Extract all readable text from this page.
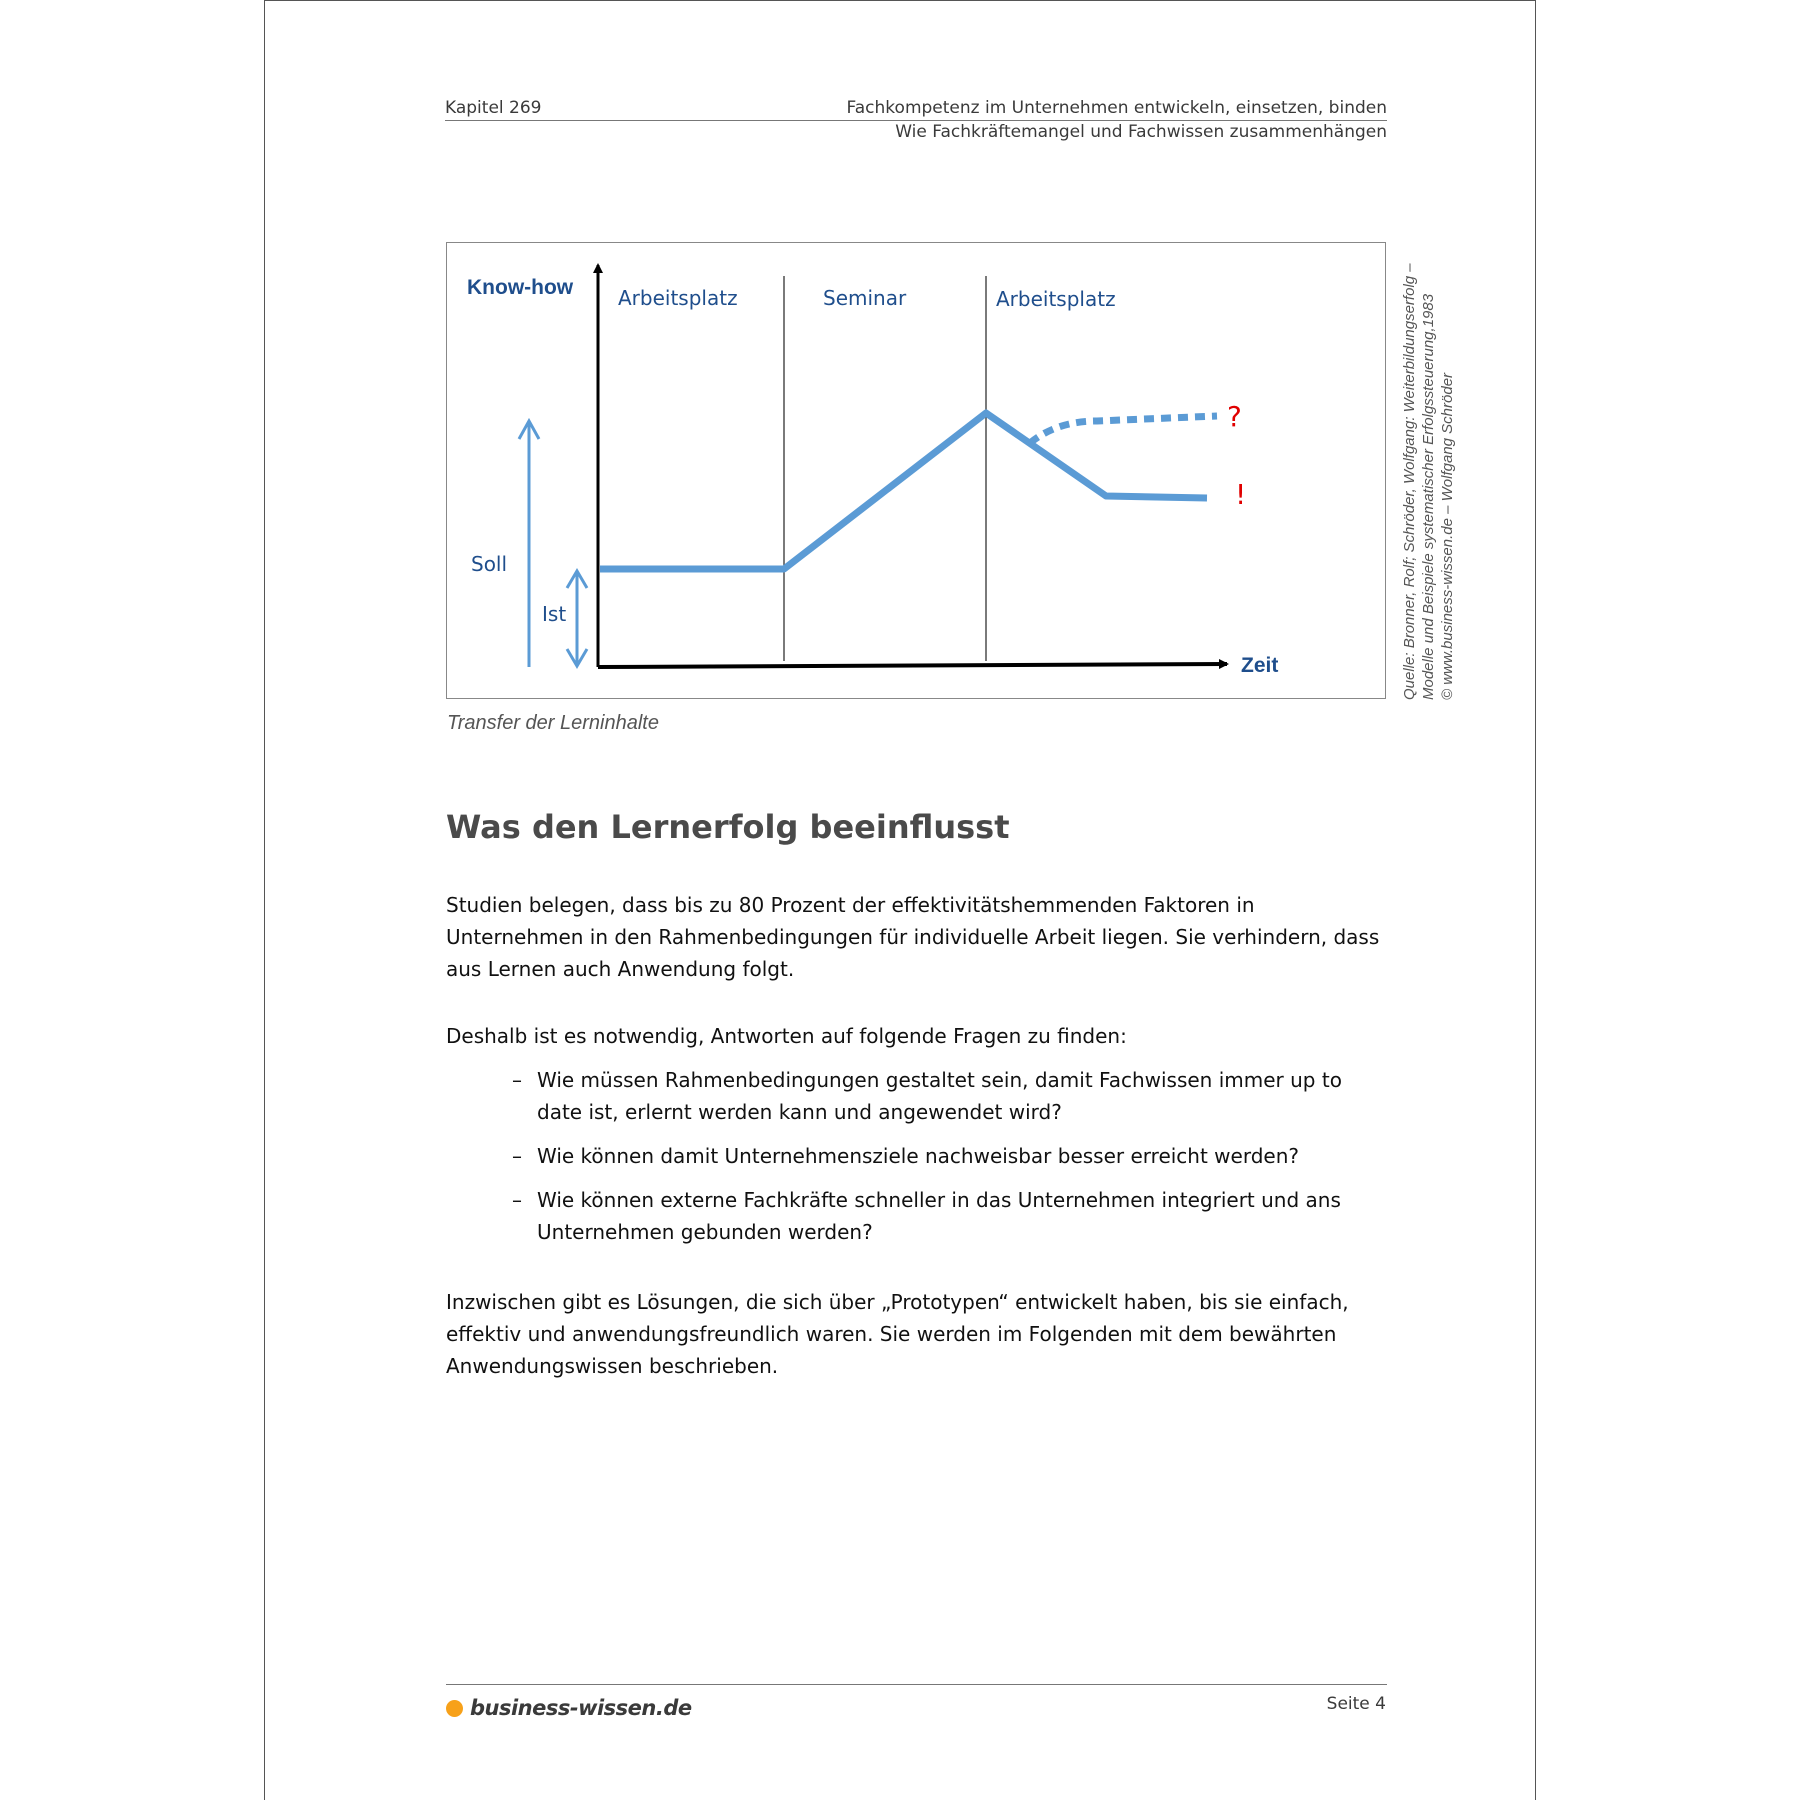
Kapitel 269	Fachkompetenz im Unternehmen entwickeln, einsetzen, binden
Wie Fachkräftemangel und Fachwissen zusammenhängen
Know-how
Zeit
Arbeitsplatz	Seminar	Arbeitsplatz
Soll
Ist
?
!	Quelle: Bronner, Rolf; Schröder, Wolfgang: Weiterbildungserfolg – Modelle und Beispiele systematischer Erfolgssteuerung,1983 © www.business-wissen.de – Wolfgang Schröder
Transfer der Lerninhalte
Was den Lernerfolg beeinflusst

Studien belegen, dass bis zu 80 Prozent der effektivitätshemmenden Faktoren in Unternehmen in den Rahmenbedingungen für individuelle Arbeit liegen. Sie verhindern, dass aus Lernen auch Anwendung folgt.

Deshalb ist es notwendig, Antworten auf folgende Fragen zu finden:

– Wie müssen Rahmenbedingungen gestaltet sein, damit Fachwissen immer up to date ist, erlernt werden kann und angewendet wird?
– Wie können damit Unternehmensziele nachweisbar besser erreicht werden?
– Wie können externe Fachkräfte schneller in das Unternehmen integriert und ans Unternehmen gebunden werden?

Inzwischen gibt es Lösungen, die sich über „Prototypen“ entwickelt haben, bis sie einfach, effektiv und anwendungsfreundlich waren. Sie werden im Folgenden mit dem bewährten Anwendungswissen beschrieben.

business-wissen.de	Seite 4
